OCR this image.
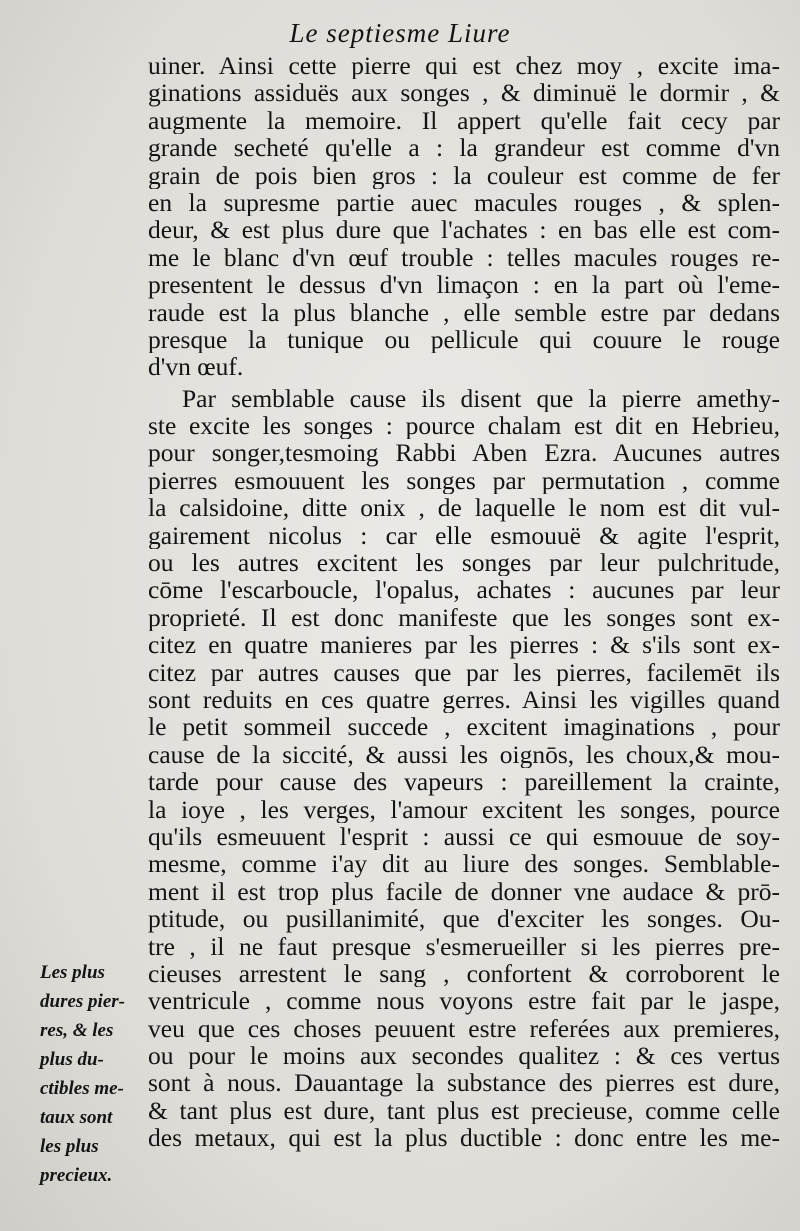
Le septiesme Liure
uiner. Ainsi cette pierre qui est chez moy , excite ima-
ginations assiduës aux songes , & diminuë le dormir , &
augmente la memoire. Il appert qu'elle fait cecy par
grande secheté qu'elle a : la grandeur est comme d'vn
grain de pois bien gros : la couleur est comme de fer
en la supresme partie auec macules rouges , & splen-
deur, & est plus dure que l'achates : en bas elle est com-
me le blanc d'vn œuf trouble : telles macules rouges re-
presentent le dessus d'vn limaçon : en la part où l'eme-
raude est la plus blanche , elle semble estre par dedans
presque la tunique ou pellicule qui couure le rouge
d'vn œuf.
Par semblable cause ils disent que la pierre amethy-
ste excite les songes : pource chalam est dit en Hebrieu,
pour songer,tesmoing Rabbi Aben Ezra. Aucunes autres
pierres esmouuent les songes par permutation , comme
la calsidoine, ditte onix , de laquelle le nom est dit vul-
gairement nicolus : car elle esmouuë & agite l'esprit,
ou les autres excitent les songes par leur pulchritude,
cōme l'escarboucle, l'opalus, achates : aucunes par leur
proprieté. Il est donc manifeste que les songes sont ex-
citez en quatre manieres par les pierres : & s'ils sont ex-
citez par autres causes que par les pierres, facilemēt ils
sont reduits en ces quatre gerres. Ainsi les vigilles quand
le petit sommeil succede , excitent imaginations , pour
cause de la siccité, & aussi les oignōs, les choux,& mou-
tarde pour cause des vapeurs : pareillement la crainte,
la ioye , les verges, l'amour excitent les songes, pource
qu'ils esmeuuent l'esprit : aussi ce qui esmouue de soy-
mesme, comme i'ay dit au liure des songes. Semblable-
ment il est trop plus facile de donner vne audace & prō-
ptitude, ou pusillanimité, que d'exciter les songes. Ou-
tre , il ne faut presque s'esmerueiller si les pierres pre-
cieuses arrestent le sang , confortent & corroborent le
ventricule , comme nous voyons estre fait par le jaspe,
veu que ces choses peuuent estre referées aux premieres,
ou pour le moins aux secondes qualitez : & ces vertus
sont à nous. Dauantage la substance des pierres est dure,
& tant plus est dure, tant plus est precieuse, comme celle
des metaux, qui est la plus ductible : donc entre les me-
Les plus
dures pier-
res, & les
plus du-
ctibles me-
taux sont
les plus
precieux.
